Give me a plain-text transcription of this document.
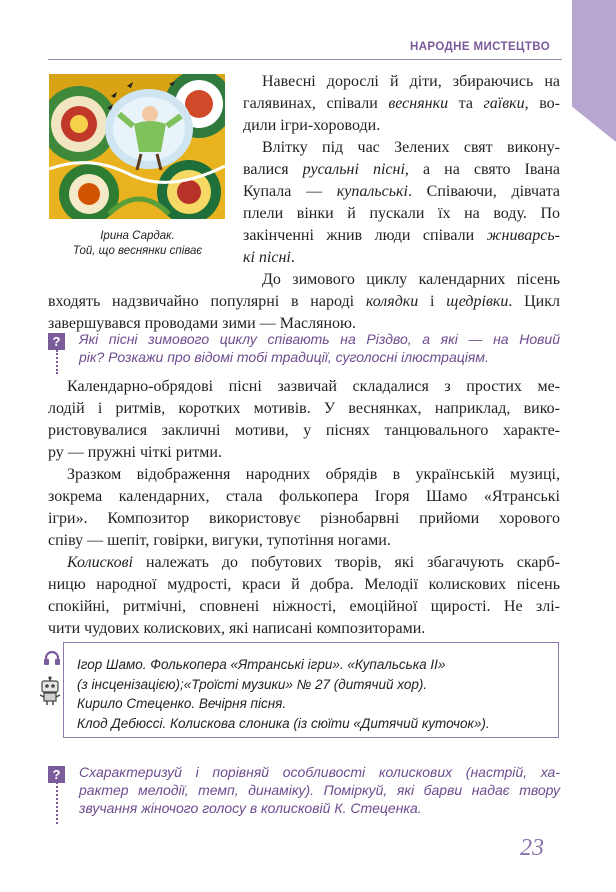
НАРОДНЕ МИСТЕЦТВО
Ірина Сардак.
Той, що веснянки співає
Навесні дорослі й діти, збираючись на
галявинах, співали веснянки та гаївки, во-
дили ігри-хороводи.
Влітку під час Зелених свят викону-
валися русальні пісні, а на свято Івана
Купала — купальські. Співаючи, дівчата
плели вінки й пускали їх на воду. По
закінченні жнив люди співали жниварсь-
кі пісні.
До зимового циклу календарних пісень
входять надзвичайно популярні в народі колядки і щедрівки. Цикл
завершувався проводами зими — Масляною.
?	Які пісні зимового циклу співають на Різдво, а які — на Новий
рік? Розкажи про відомі тобі традиції, суголосні ілюстраціям.
Календарно-обрядові пісні зазвичай складалися з простих ме-
лодій і ритмів, коротких мотивів. У веснянках, наприклад, вико-
ристовувалися закличні мотиви, у піснях танцювального характе-
ру — пружні чіткі ритми.
Зразком відображення народних обрядів в українській музиці,
зокрема календарних, стала фолькопера Ігоря Шамо «Ятранські
ігри». Композитор використовує різнобарвні прийоми хорового
співу — шепіт, говірки, вигуки, тупотіння ногами.
Колискові належать до побутових творів, які збагачують скарб-
ницю народної мудрості, краси й добра. Мелодії колискових пісень
спокійні, ритмічні, сповнені ніжності, емоційної щирості. Не злі-
чити чудових колискових, які написані композиторами.
Ігор Шамо. Фолькопера «Ятранські ігри». «Купальська ІІ»
(з інсценізацією);«Троїсті музики» № 27 (дитячий хор).
Кирило Стеценко. Вечірня пісня.
Клод Дебюссі. Колискова слоника (із сюїти «Дитячий куточок»).
?	Схарактеризуй і порівняй особливості колискових (настрій, ха-
рактер мелодії, темп, динаміку). Поміркуй, які барви надає твору
звучання жіночого голосу в колисковій К. Стеценка.
23
